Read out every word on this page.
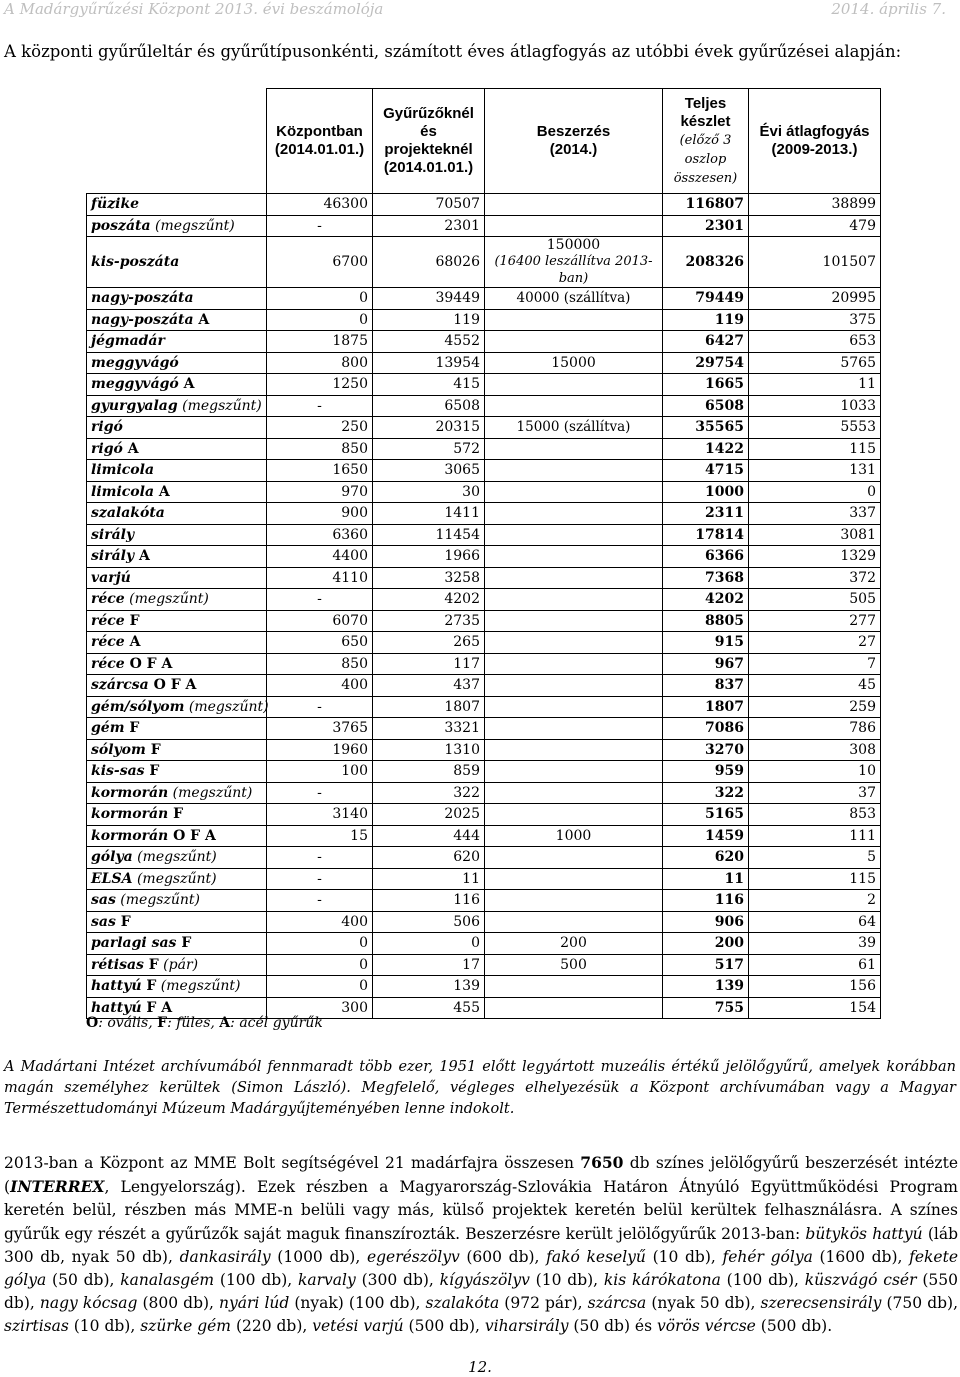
A Madárgyűrűzési Központ 2013. évi beszámolója	2014. április 7.
A központi gyűrűleltár és gyűrűtípusonkénti, számított éves átlagfogyás az utóbbi évek gyűrűzései alapján:
	Központban
(2014.01.01.)	Gyűrűzőknél
és
projekteknél
(2014.01.01.)	Beszerzés
(2014.)	Teljes
készlet
(előző 3
oszlop
összesen)	Évi átlagfogyás
(2009-2013.)
füzike	46300	70507		116807	38899
poszáta (megszűnt)	-	2301		2301	479
kis-poszáta	6700	68026	150000
(16400 leszállítva 2013-ban)	208326	101507
nagy-poszáta	0	39449	40000 (szállítva)	79449	20995
nagy-poszáta A	0	119		119	375
jégmadár	1875	4552		6427	653
meggyvágó	800	13954	15000	29754	5765
meggyvágó A	1250	415		1665	11
gyurgyalag (megszűnt)	-	6508		6508	1033
rigó	250	20315	15000 (szállítva)	35565	5553
rigó A	850	572		1422	115
limicola	1650	3065		4715	131
limicola A	970	30		1000	0
szalakóta	900	1411		2311	337
sirály	6360	11454		17814	3081
sirály A	4400	1966		6366	1329
varjú	4110	3258		7368	372
réce (megszűnt)	-	4202		4202	505
réce F	6070	2735		8805	277
réce A	650	265		915	27
réce O F A	850	117		967	7
szárcsa O F A	400	437		837	45
gém/sólyom (megszűnt)	-	1807		1807	259
gém F	3765	3321		7086	786
sólyom F	1960	1310		3270	308
kis-sas F	100	859		959	10
kormorán (megszűnt)	-	322		322	37
kormorán F	3140	2025		5165	853
kormorán O F A	15	444	1000	1459	111
gólya (megszűnt)	-	620		620	5
ELSA (megszűnt)	-	11		11	115
sas (megszűnt)	-	116		116	2
sas F	400	506		906	64
parlagi sas F	0	0	200	200	39
rétisas F (pár)	0	17	500	517	61
hattyú F (megszűnt)	0	139		139	156
hattyú F A	300	455		755	154
O: ovális, F: füles, A: acél gyűrűk
A Madártani Intézet archívumából fennmaradt több ezer, 1951 előtt legyártott muzeális értékű jelölőgyűrű, amelyek korábban magán személyhez kerültek (Simon László). Megfelelő, végleges elhelyezésük a Központ archívumában vagy a Magyar Természettudományi Múzeum Madárgyűjteményében lenne indokolt.
2013-ban a Központ az MME Bolt segítségével 21 madárfajra összesen 7650 db színes jelölőgyűrű beszerzését intézte (INTERREX, Lengyelország). Ezek részben a Magyarország-Szlovákia Határon Átnyúló Együttműködési Program keretén belül, részben más MME-n belüli vagy más, külső projektek keretén belül kerültek felhasználásra. A színes gyűrűk egy részét a gyűrűzők saját maguk finanszírozták. Beszerzésre került jelölőgyűrűk 2013-ban: bütykös hattyú (láb 300 db, nyak 50 db), dankasirály (1000 db), egerészölyv (600 db), fakó keselyű (10 db), fehér gólya (1600 db), fekete gólya (50 db), kanalasgém (100 db), karvaly (300 db), kígyászölyv (10 db), kis kárókatona (100 db), küszvágó csér (550 db), nagy kócsag (800 db), nyári lúd (nyak) (100 db), szalakóta (972 pár), szárcsa (nyak 50 db), szerecsensirály (750 db), szirtisas (10 db), szürke gém (220 db), vetési varjú (500 db), viharsirály (50 db) és vörös vércse (500 db).
12.
